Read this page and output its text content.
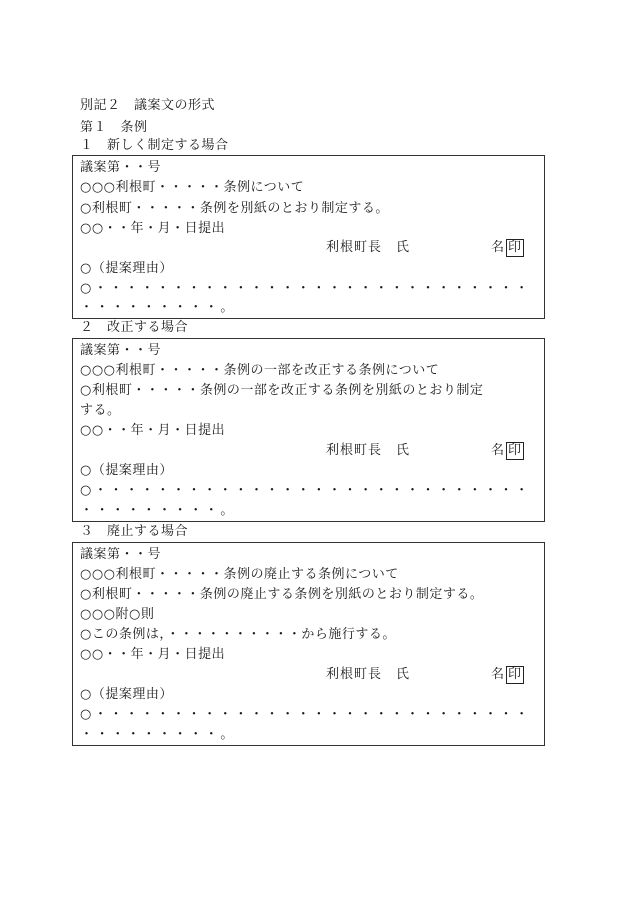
別記２　議案文の形式
第１　条例
１　新しく制定する場合
議案第・・号
○○○利根町・・・・・条例について
○利根町・・・・・条例を別紙のとおり制定する。
○○・・年・月・日提出
利根町長　氏	名 印
○（提案理由）
○・・・・・・・・・・・・・・・・・・・・・・・・・・・・
・・・・・・・・・。
２　改正する場合
議案第・・号
○○○利根町・・・・・条例の一部を改正する条例について
○利根町・・・・・条例の一部を改正する条例を別紙のとおり制定
する。
○○・・年・月・日提出
利根町長　氏	名 印
○（提案理由）
○・・・・・・・・・・・・・・・・・・・・・・・・・・・・
・・・・・・・・・。
３　廃止する場合
議案第・・号
○○○利根町・・・・・条例の廃止する条例について
○利根町・・・・・条例の廃止する条例を別紙のとおり制定する。
○○○附○則
○この条例は，・・・・・・・・・・から施行する。
○○・・年・月・日提出
利根町長　氏	名 印
○（提案理由）
○・・・・・・・・・・・・・・・・・・・・・・・・・・・・
・・・・・・・・・。
